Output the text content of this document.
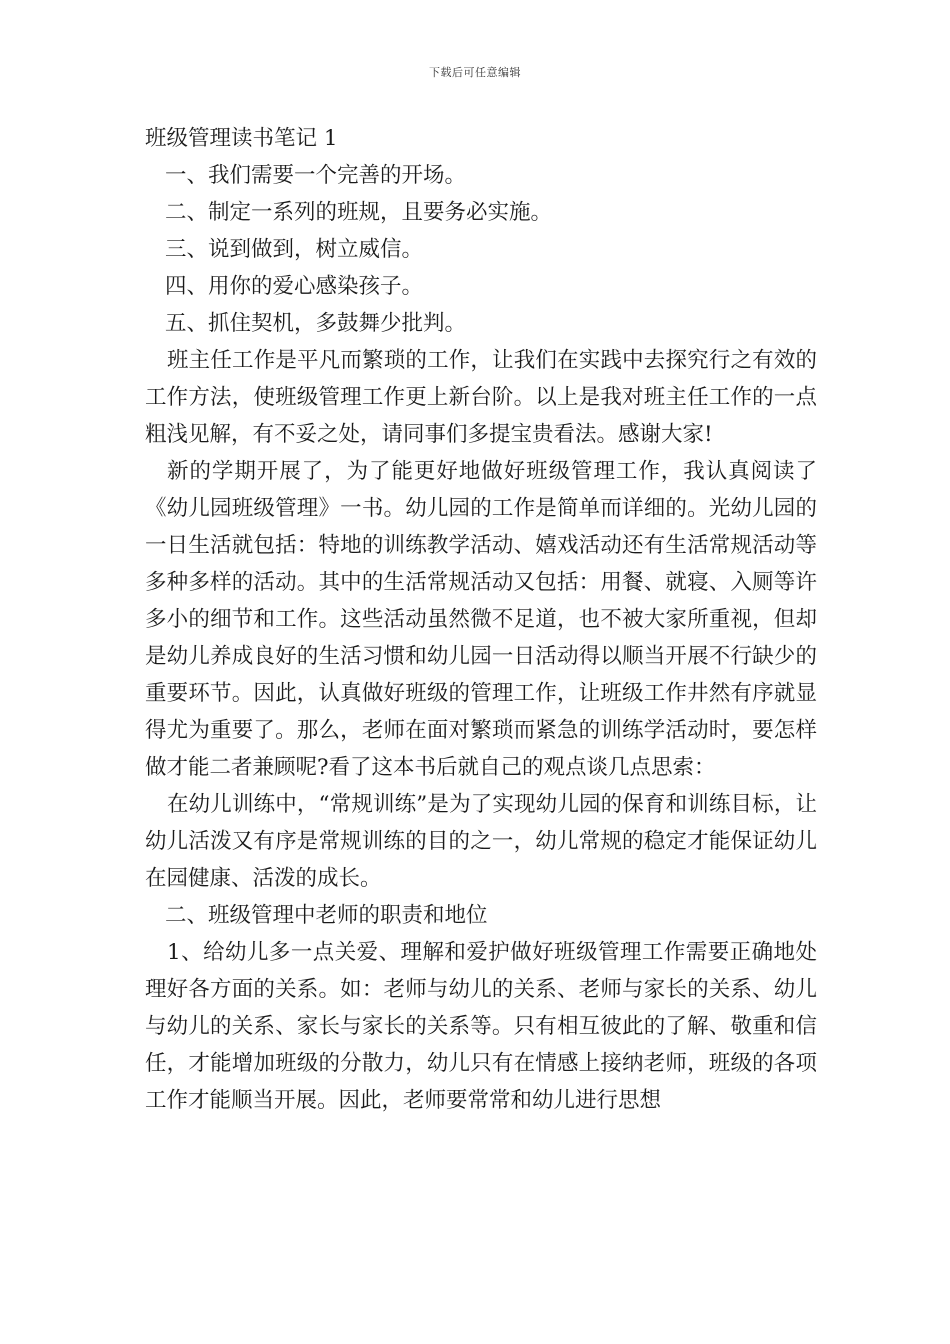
下载后可任意编辑

班级管理读书笔记 1

一、我们需要一个完善的开场。

二、制定一系列的班规，且要务必实施。

三、说到做到，树立威信。

四、用你的爱心感染孩子。

五、抓住契机，多鼓舞少批判。

班主任工作是平凡而繁琐的工作，让我们在实践中去探究行之有效的工作方法，使班级管理工作更上新台阶。以上是我对班主任工作的一点粗浅见解，有不妥之处，请同事们多提宝贵看法。感谢大家!

新的学期开展了，为了能更好地做好班级管理工作，我认真阅读了《幼儿园班级管理》一书。幼儿园的工作是简单而详细的。光幼儿园的一日生活就包括：特地的训练教学活动、嬉戏活动还有生活常规活动等多种多样的活动。其中的生活常规活动又包括：用餐、就寝、入厕等许多小的细节和工作。这些活动虽然微不足道，也不被大家所重视，但却是幼儿养成良好的生活习惯和幼儿园一日活动得以顺当开展不行缺少的重要环节。因此，认真做好班级的管理工作，让班级工作井然有序就显得尤为重要了。那么，老师在面对繁琐而紧急的训练学活动时，要怎样做才能二者兼顾呢?看了这本书后就自己的观点谈几点思索：

在幼儿训练中，“常规训练”是为了实现幼儿园的保育和训练目标，让幼儿活泼又有序是常规训练的目的之一，幼儿常规的稳定才能保证幼儿在园健康、活泼的成长。

二、班级管理中老师的职责和地位

1、给幼儿多一点关爱、理解和爱护做好班级管理工作需要正确地处理好各方面的关系。如：老师与幼儿的关系、老师与家长的关系、幼儿与幼儿的关系、家长与家长的关系等。只有相互彼此的了解、敬重和信任，才能增加班级的分散力，幼儿只有在情感上接纳老师，班级的各项工作才能顺当开展。因此，老师要常常和幼儿进行思想
